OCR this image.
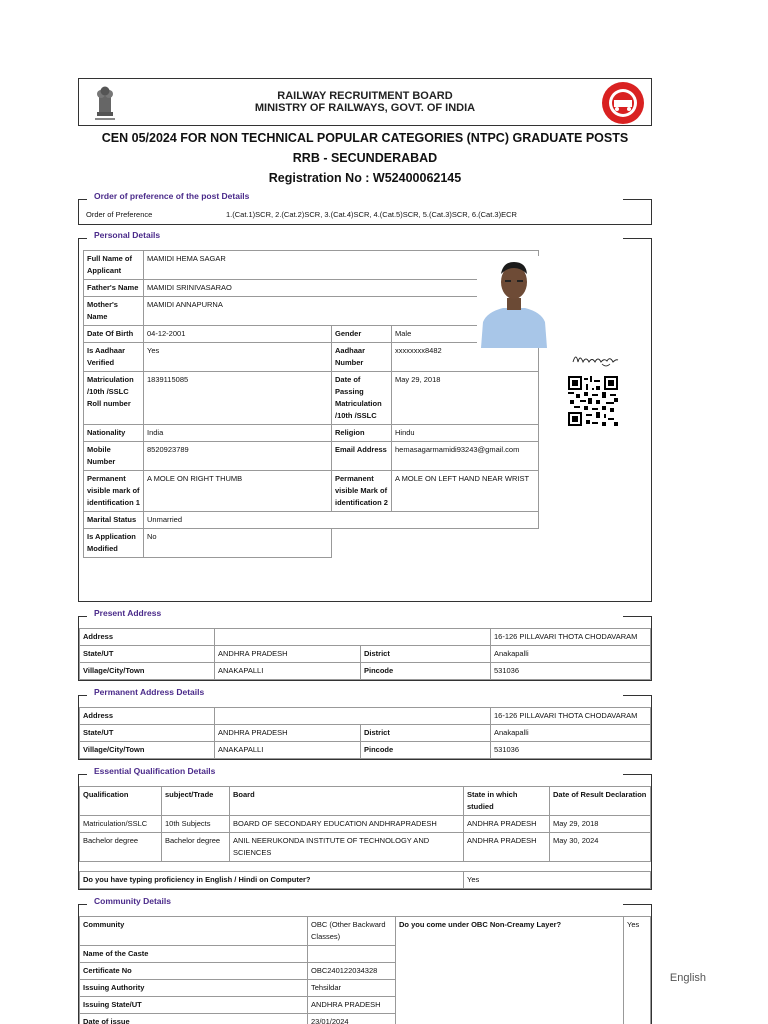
RAILWAY RECRUITMENT BOARD
MINISTRY OF RAILWAYS, GOVT. OF INDIA
CEN 05/2024 FOR NON TECHNICAL POPULAR CATEGORIES (NTPC) GRADUATE POSTS
RRB - SECUNDERABAD
Registration No : W52400062145
Order of preference of the post Details
Order of Preference	1.(Cat.1)SCR, 2.(Cat.2)SCR, 3.(Cat.4)SCR, 4.(Cat.5)SCR, 5.(Cat.3)SCR, 6.(Cat.3)ECR
Personal Details
Full Name of Applicant	MAMIDI HEMA SAGAR		
Father's Name	MAMIDI SRINIVASARAO		
Mother's Name	MAMIDI ANNAPURNA		
Date Of Birth	04-12-2001	Gender	Male
Is Aadhaar Verified	Yes	Aadhaar Number	xxxxxxxx8482
Matriculation /10th /SSLC Roll number	1839115085	Date of Passing Matriculation /10th /SSLC	May 29, 2018
Nationality	India	Religion	Hindu
Mobile Number	8520923789	Email Address	hemasagarmamidi93243@gmail.com
Permanent visible mark of identification 1	A MOLE ON RIGHT THUMB	Permanent visible Mark of identification 2	A MOLE ON LEFT HAND NEAR WRIST
Marital Status	Unmarried		
Is Application Modified	No		
Present Address
Address			16-126 PILLAVARI THOTA CHODAVARAM
State/UT	ANDHRA PRADESH	District	Anakapalli
Village/City/Town	ANAKAPALLI	Pincode	531036
Permanent Address Details
Address			16-126 PILLAVARI THOTA CHODAVARAM
State/UT	ANDHRA PRADESH	District	Anakapalli
Village/City/Town	ANAKAPALLI	Pincode	531036
Essential Qualification Details
Qualification	subject/Trade	Board	State in which studied	Date of Result Declaration
Matriculation/SSLC	10th Subjects	BOARD OF SECONDARY EDUCATION ANDHRAPRADESH	ANDHRA PRADESH	May 29, 2018
Bachelor degree	Bachelor degree	ANIL NEERUKONDA INSTITUTE OF TECHNOLOGY AND SCIENCES	ANDHRA PRADESH	May 30, 2024

Do you have typing proficiency in English / Hindi on Computer?			Yes	
Community Details
Community	OBC (Other Backward Classes)	Do you come under OBC Non-Creamy Layer?	Yes
Name of the Caste			
Certificate No	OBC240122034328		
Issuing Authority	Tehsildar		
Issuing State/UT	ANDHRA PRADESH		
Date of issue	23/01/2024		
English
